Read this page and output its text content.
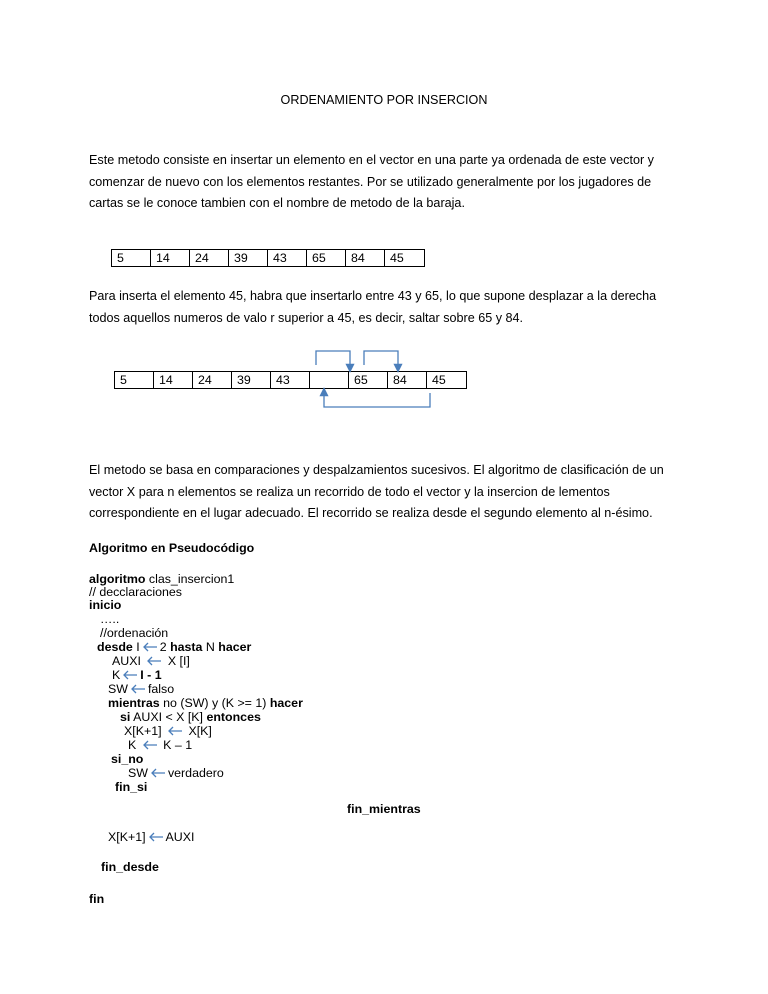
ORDENAMIENTO POR INSERCION
Este metodo consiste en insertar un elemento en el vector en una parte ya ordenada de este vector y
comenzar de nuevo con los elementos restantes. Por se utilizado generalmente por los jugadores de
cartas se le conoce tambien con el nombre de metodo de la baraja.
5	14	24	39	43	65	84	45
Para inserta el elemento 45, habra que insertarlo entre 43 y 65, lo que supone desplazar a la derecha
todos aquellos numeros de valo r superior a 45, es decir, saltar sobre 65 y 84.
5	14	24	39	43	65	84	45
El metodo se basa en comparaciones y despalzamientos sucesivos. El algoritmo de clasificación de un
vector X para n elementos se realiza un recorrido de todo el vector y la insercion de lementos
correspondiente en el lugar adecuado. El recorrido se realiza desde el segundo elemento al n-ésimo.
Algoritmo en Pseudocódigo
algoritmo clas_insercion1
// decclaraciones
inicio
…..
//ordenación
desde I 2 hasta N hacer
AUXI X [I]
K I - 1
SW falso
mientras no (SW) y (K >= 1) hacer
si AUXI < X [K] entonces
X[K+1] X[K]
K K – 1
si_no
SW verdadero
fin_si
fin_mientras
X[K+1] AUXI
fin_desde
fin
